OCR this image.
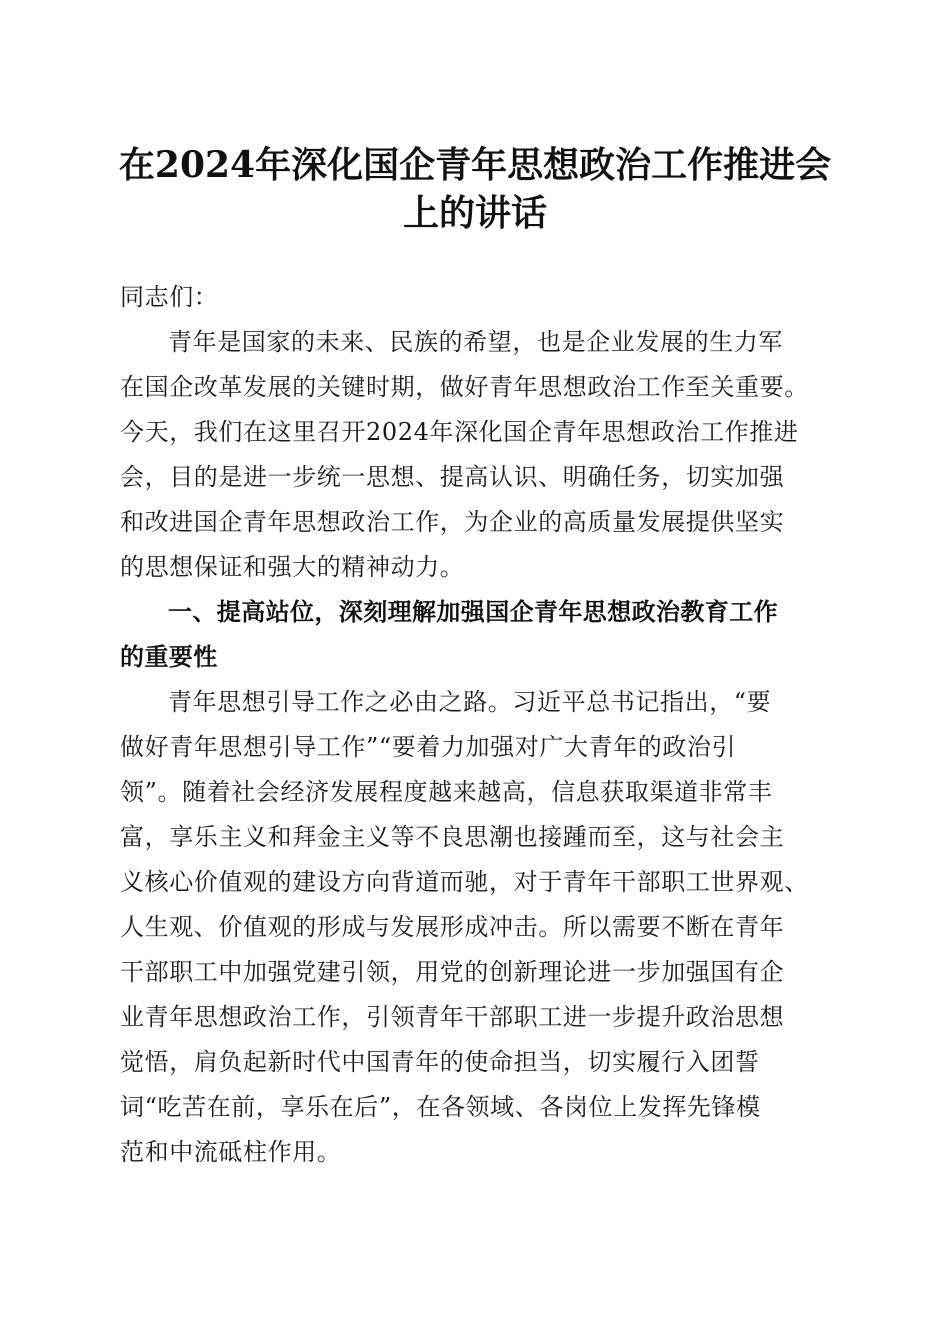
在2024年深化国企青年思想政治工作推进会
上的讲话
同志们：
青年是国家的未来、民族的希望，也是企业发展的生力军
在国企改革发展的关键时期，做好青年思想政治工作至关重要。
今天，我们在这里召开2024年深化国企青年思想政治工作推进
会，目的是进一步统一思想、提高认识、明确任务，切实加强
和改进国企青年思想政治工作，为企业的高质量发展提供坚实
的思想保证和强大的精神动力。
一、提高站位，深刻理解加强国企青年思想政治教育工作
的重要性
青年思想引导工作之必由之路。习近平总书记指出，“要
做好青年思想引导工作”“要着力加强对广大青年的政治引
领”。随着社会经济发展程度越来越高，信息获取渠道非常丰
富，享乐主义和拜金主义等不良思潮也接踵而至，这与社会主
义核心价值观的建设方向背道而驰，对于青年干部职工世界观、
人生观、价值观的形成与发展形成冲击。所以需要不断在青年
干部职工中加强党建引领，用党的创新理论进一步加强国有企
业青年思想政治工作，引领青年干部职工进一步提升政治思想
觉悟，肩负起新时代中国青年的使命担当，切实履行入团誓
词“吃苦在前，享乐在后”，在各领域、各岗位上发挥先锋模
范和中流砥柱作用。
